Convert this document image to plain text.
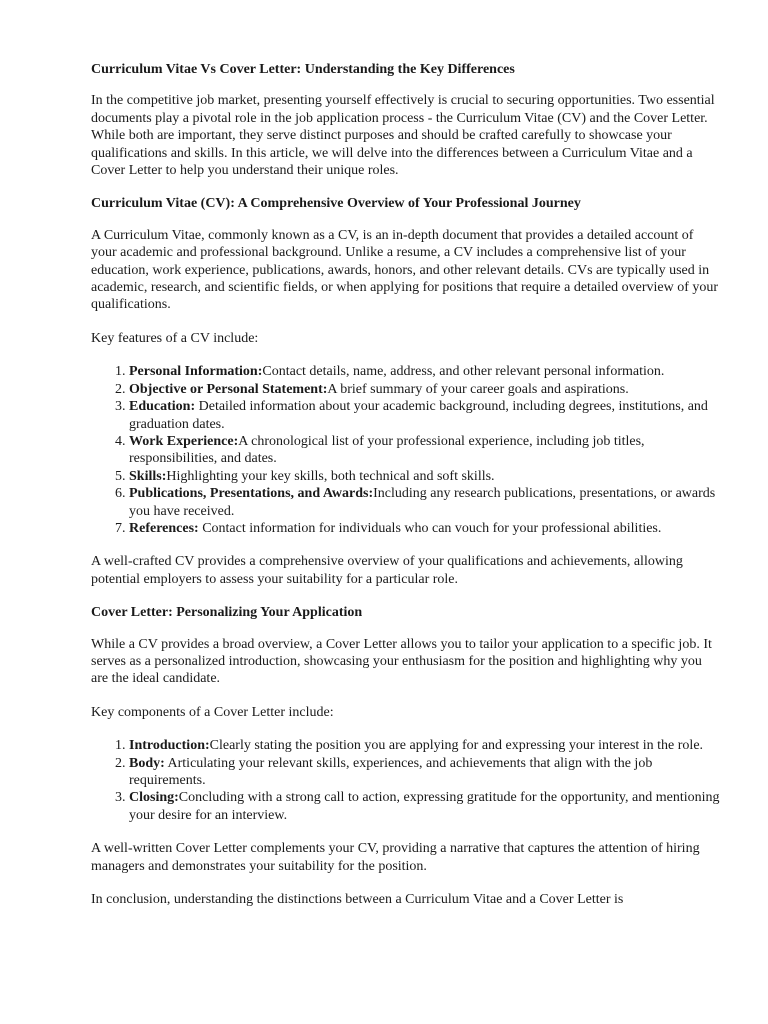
Curriculum Vitae Vs Cover Letter: Understanding the Key Differences

In the competitive job market, presenting yourself effectively is crucial to securing opportunities. Two essential documents play a pivotal role in the job application process - the Curriculum Vitae (CV) and the Cover Letter. While both are important, they serve distinct purposes and should be crafted carefully to showcase your qualifications and skills. In this article, we will delve into the differences between a Curriculum Vitae and a Cover Letter to help you understand their unique roles.

Curriculum Vitae (CV): A Comprehensive Overview of Your Professional Journey

A Curriculum Vitae, commonly known as a CV, is an in-depth document that provides a detailed account of your academic and professional background. Unlike a resume, a CV includes a comprehensive list of your education, work experience, publications, awards, honors, and other relevant details. CVs are typically used in academic, research, and scientific fields, or when applying for positions that require a detailed overview of your qualifications.

Key features of a CV include:

1. Personal Information:Contact details, name, address, and other relevant personal information.
2. Objective or Personal Statement:A brief summary of your career goals and aspirations.
3. Education: Detailed information about your academic background, including degrees, institutions, and graduation dates.
4. Work Experience:A chronological list of your professional experience, including job titles, responsibilities, and dates.
5. Skills:Highlighting your key skills, both technical and soft skills.
6. Publications, Presentations, and Awards:Including any research publications, presentations, or awards you have received.
7. References: Contact information for individuals who can vouch for your professional abilities.

A well-crafted CV provides a comprehensive overview of your qualifications and achievements, allowing potential employers to assess your suitability for a particular role.

Cover Letter: Personalizing Your Application

While a CV provides a broad overview, a Cover Letter allows you to tailor your application to a specific job. It serves as a personalized introduction, showcasing your enthusiasm for the position and highlighting why you are the ideal candidate.

Key components of a Cover Letter include:

1. Introduction:Clearly stating the position you are applying for and expressing your interest in the role.
2. Body: Articulating your relevant skills, experiences, and achievements that align with the job requirements.
3. Closing:Concluding with a strong call to action, expressing gratitude for the opportunity, and mentioning your desire for an interview.

A well-written Cover Letter complements your CV, providing a narrative that captures the attention of hiring managers and demonstrates your suitability for the position.

In conclusion, understanding the distinctions between a Curriculum Vitae and a Cover Letter is
